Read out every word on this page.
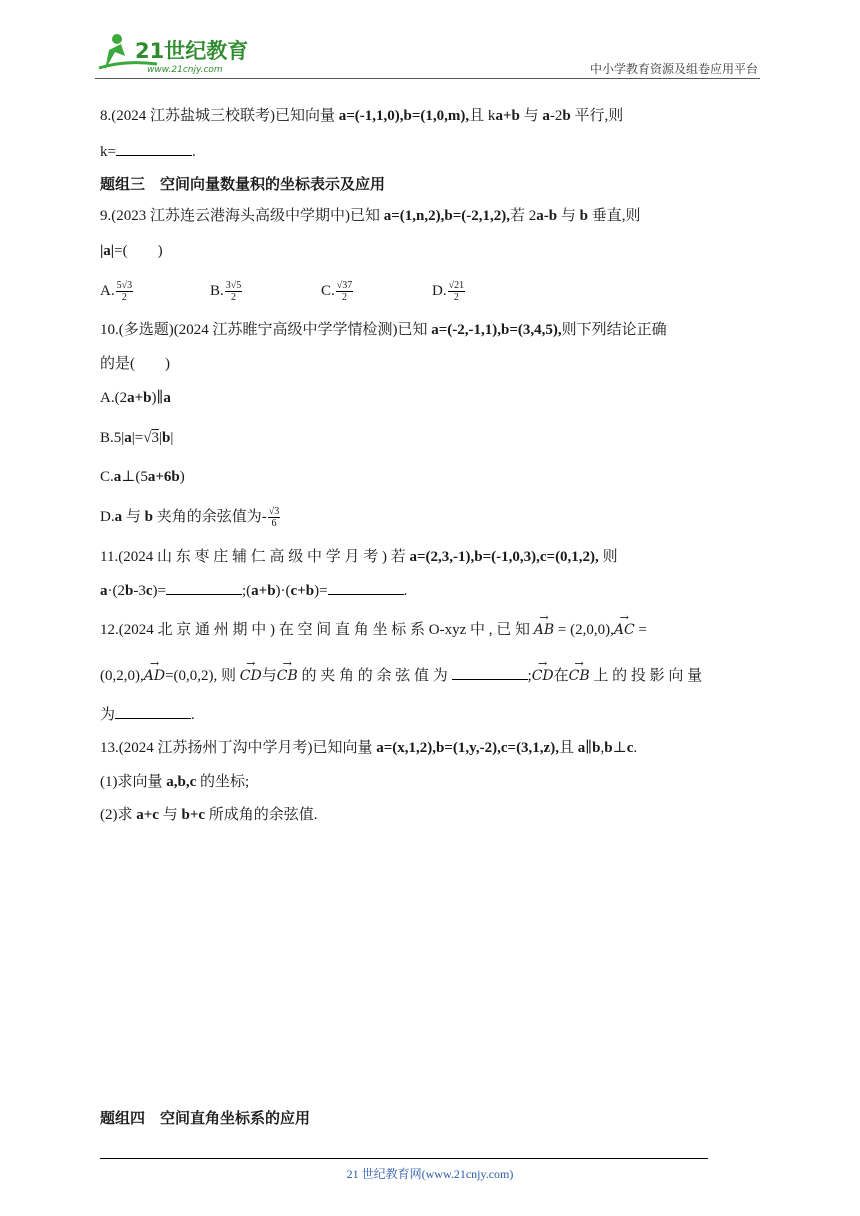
21世纪教育
www.21cnjy.com	中小学教育资源及组卷应用平台
8.(2024 江苏盐城三校联考)已知向量 a=(-1,1,0),b=(1,0,m),且 ka+b 与 a-2b 平行,则
k=	.
题组三　空间向量数量积的坐标表示及应用
9.(2023 江苏连云港海头高级中学期中)已知 a=(1,n,2),b=(-2,1,2),若 2a-b 与 b 垂直,则
|a|=(　　)
A. $\frac{5√3}{2}$	B. $\frac{3√5}{2}$	C. $\frac{√37}{2}$	D. $\frac{√21}{2}$
10.(多选题)(2024 江苏睢宁高级中学学情检测)已知 a=(-2,-1,1),b=(3,4,5),则下列结论正确
的是(　　)
A.(2a+b)∥a
B.5|a|=√3|b|
C.a⊥(5a+6b)
D.a 与 b 夹角的余弦值为- $\frac{√3}{6}$
11.(2024 山 东 枣 庄 辅 仁 高 级 中 学 月 考 ) 若 a=(2,3,-1),b=(-1,0,3),c=(0,1,2), 则
a·(2b-3c)=	;(a+b)·(c+b)=	.
12.(2024 北 京 通 州 期 中 ) 在 空 间 直 角 坐 标 系 O-xyz 中 , 已 知 → AB = (2,0,0),→ AC =
(0,2,0),→ AD=(0,0,2), 则 → CD与→ CB 的 夹 角 的 余 弦 值 为	;→ CD在→ CB 上 的 投 影 向 量
为	.
13.(2024 江苏扬州丁沟中学月考)已知向量 a=(x,1,2),b=(1,y,-2),c=(3,1,z),且 a∥b,b⊥c.
(1)求向量 a,b,c 的坐标;
(2)求 a+c 与 b+c 所成角的余弦值.
题组四　空间直角坐标系的应用
21 世纪教育网(www.21cnjy.com)
